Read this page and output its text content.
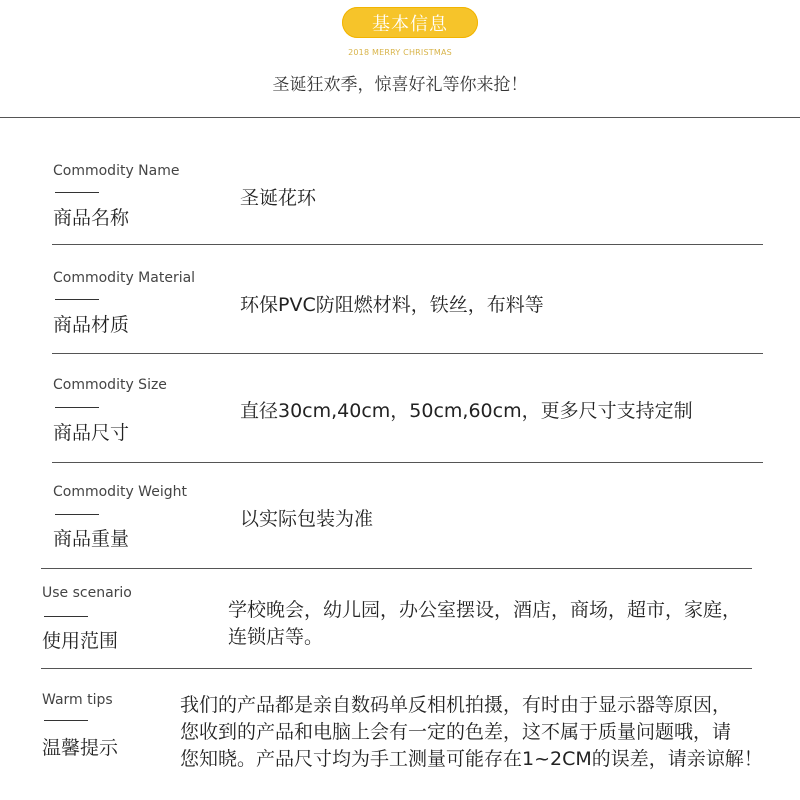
基本信息
2018 MERRY CHRISTMAS
圣诞狂欢季，惊喜好礼等你来抢！
Commodity Name
商品名称
圣诞花环
Commodity Material
商品材质
环保PVC防阻燃材料，铁丝，布料等
Commodity Size
商品尺寸
直径30cm,40cm，50cm,60cm，更多尺寸支持定制
Commodity Weight
商品重量
以实际包装为准
Use scenario
使用范围
学校晚会，幼儿园，办公室摆设，酒店，商场，超市，家庭，
连锁店等。
Warm tips
温馨提示
我们的产品都是亲自数码单反相机拍摄，有时由于显示器等原因，
您收到的产品和电脑上会有一定的色差，这不属于质量问题哦，请
您知晓。产品尺寸均为手工测量可能存在1~2CM的误差，请亲谅解！
